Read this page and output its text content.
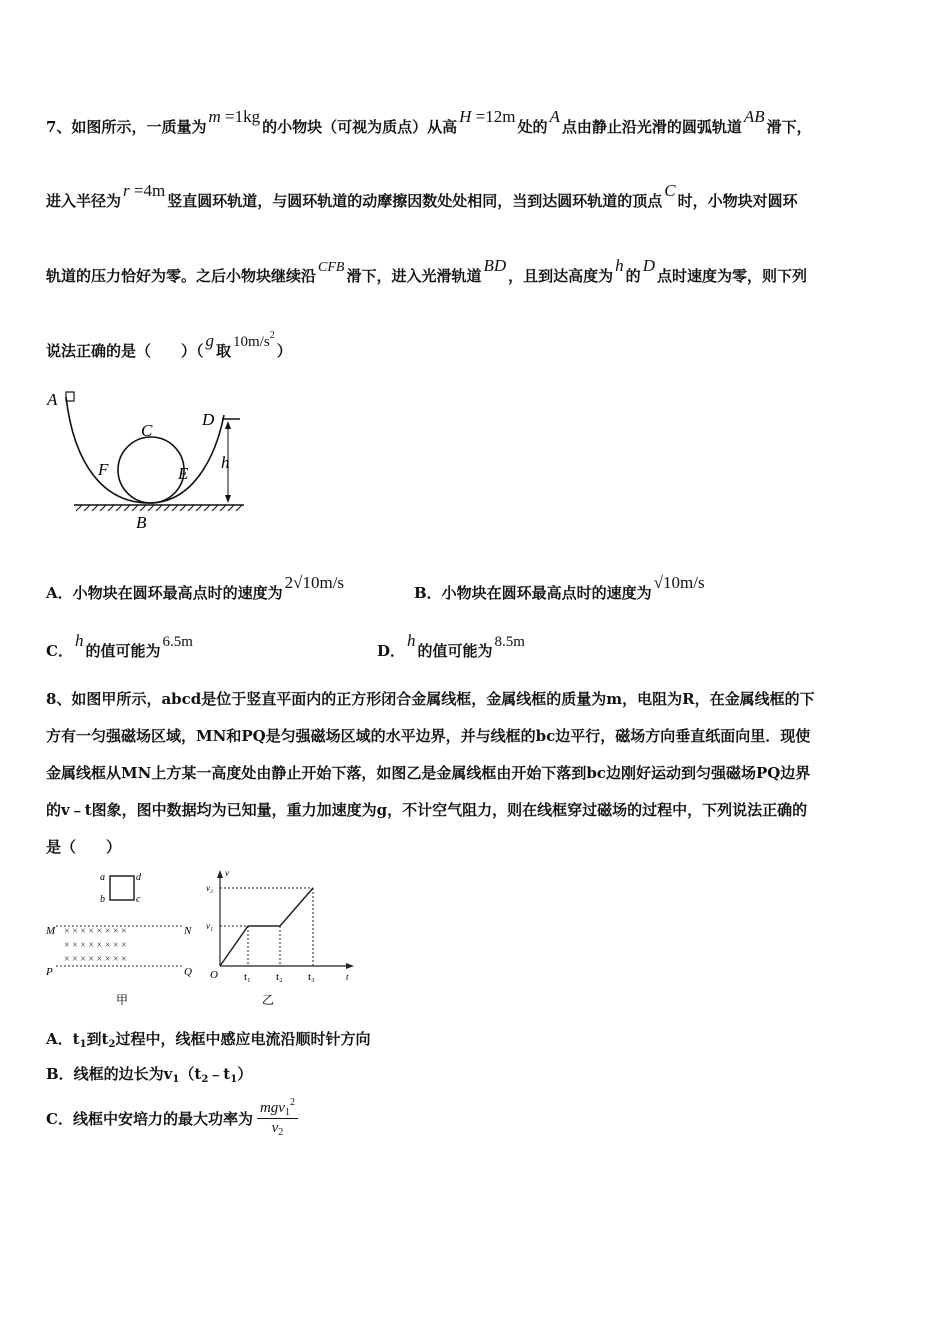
7、如图所示，一质量为m =1kg的小物块（可视为质点）从高H =12m处的A点由静止沿光滑的圆弧轨道AB滑下，
进入半径为r =4m竖直圆环轨道，与圆环轨道的动摩擦因数处处相同，当到达圆环轨道的顶点C时，小物块对圆环
轨道的压力恰好为零。之后小物块继续沿 CFB 滑下，进入光滑轨道BD，且到达高度为h的D点时速度为零，则下列
说法正确的是（　　）（g取 $10m/s^2$）
A
C
D
F	E
h
B
A．小物块在圆环最高点时的速度为2√10m/s
B．小物块在圆环最高点时的速度为√10m/s
C．h的值可能为 6.5m	D．h的值可能为 8.5m
8、如图甲所示，abcd是位于竖直平面内的正方形闭合金属线框，金属线框的质量为m，电阻为R，在金属线框的下
方有一匀强磁场区域，MN和PQ是匀强磁场区域的水平边界，并与线框的bc边平行，磁场方向垂直纸面向里．现使
金属线框从MN上方某一高度处由静止开始下落，如图乙是金属线框由开始下落到bc边刚好运动到匀强磁场PQ边界
的v﹣t图象，图中数据均为已知量，重力加速度为g，不计空气阻力，则在线框穿过磁场的过程中，下列说法正确的
是（　　）
a	d
b	c
M	N
P	Q
× × × × × × × ×
× × × × × × × ×
× × × × × × × ×
甲
v
v₂
v₁
O t₁ t₂ t₃	t
乙
A．$t_1$到$t_2$过程中，线框中感应电流沿顺时针方向
B．线框的边长为$v_1(t_2﹣t_1)$
C．线框中安培力的最大功率为 $\frac{mgv_1^2}{v_2}$
